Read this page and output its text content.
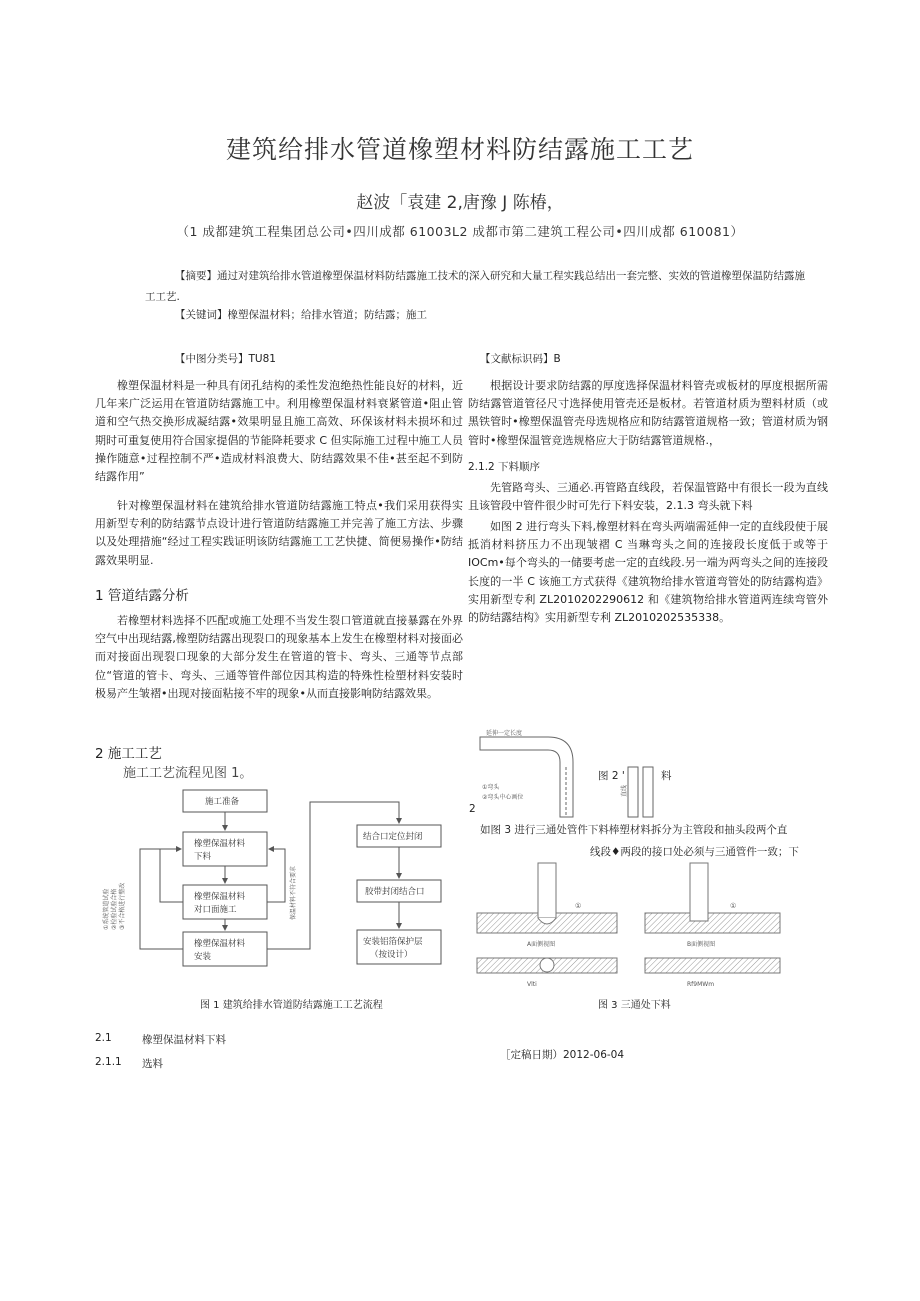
建筑给排水管道橡塑材料防结露施工工艺
赵波「袁建 2,唐豫 J 陈椿，
（1 成都建筑工程集团总公司•四川成都 61003L2 成都市第二建筑工程公司•四川成都 610081）
【摘要】通过对建筑给排水管道橡塑保温材料防结露施工技术的深入研究和大量工程实践总结出一套完整、实效的管道橡塑保温防结露施工工艺.
【关键词】橡塑保温材料；给排水管道；防结露；施工
【中图分类号】TU81	【文献标识码】B
橡塑保温材料是一种具有闭孔结构的柔性发泡绝热性能良好的材料，近几年来广泛运用在管道防结露施工中。利用橡塑保温材料衰紧管道•阻止管道和空气热交换形成凝结露•效果明显且施工高效、环保该材料未损坏和过期时可重复使用符合国家提倡的节能降耗要求 C 但实际施工过程中施工人员操作随意•过程控制不严•造成材料浪费大、防结露效果不佳•甚至起不到防结露作用”
针对橡塑保温材料在建筑给排水管道防结露施工特点•我们采用获得实用新型专利的防结露节点设计进行管道防结露施工并完善了施工方法、步骤以及处理措施“经过工程实践证明该防结露施工工艺快捷、简便易操作•防结露效果明显.
1 管道结露分析
若橡塑材料选择不匹配或施工处理不当发生裂口管道就直接暴露在外界空气中出现结露,橡塑防结露出现裂口的现象基本上发生在橡塑材料对接面必而对接面出现裂口现象的大部分发生在管道的管卡、弯头、三通等节点部位“管道的管卡、弯头、三通等管件部位因其构造的特殊性检塑材料安装时极易产生皱褶•出现对接面粘接不牢的现象•从而直接影响防结露效果。
2 施工工艺
施工工艺流程见图 1。
施工准备
橡塑保温材料
下料
橡塑保温材料
对口面施工
橡塑保温材料
安装
结合口定位封闭
胶带封闭结合口
安装铝箔保护层
（按设计）
①系统管道试验 ②检验试验合格 ③不合格进行整改	保温材料不符合要求
图 1 建筑给排水管道防结露施工工艺流程
2.1	橡塑保温材料下料
2.1.1 选料
根据设计要求防结露的厚度选择保温材料管壳或板材的厚度根据所需防结露管道管径尺寸选择使用管壳还是板材。若管道材质为塑料材质（或黑铁管时•橡塑保温管壳母选规格应和防结露管道规格一致；管道材质为钢管时•橡塑保温管竞选规格应大于防结露管道规格.，
2.1.2 下料顺序
先管路弯头、三通必.再管路直线段，若保温管路中有很长一段为直线且该管段中管件很少时可先行下料安装，2.1.3 弯头就下料
如图 2 进行弯头下料,橡塑材料在弯头两端需延伸一定的直线段使于展抵消材料挤压力不出现皱褶 C 当琳弯头之间的连接段长度低于或等于 IOCm•每个弯头的一储要考虑一定的直线段.另一端为两弯头之间的连接段长度的一半 C 该施工方式获得《建筑物给排水管道弯管处的防结露构造》实用新型专利 ZL2010202290612 和《建筑物给排水管道两连续弯管外的防结露结构》实用新型专利 ZL2010202535338。
延伸一定长度
①弯头
②弯头中心画位
直线
图 2 '	料
2
如图 3 进行三通处管件下料棒塑材料拆分为主管段和抽头段两个直
线段♦两段的接口处必须与三通管件一致；下
①	①
A面侧视图	B面侧视图
Vlti	Rf9MWm
图 3 三通处下料
［定稿日期）2012-06-04
